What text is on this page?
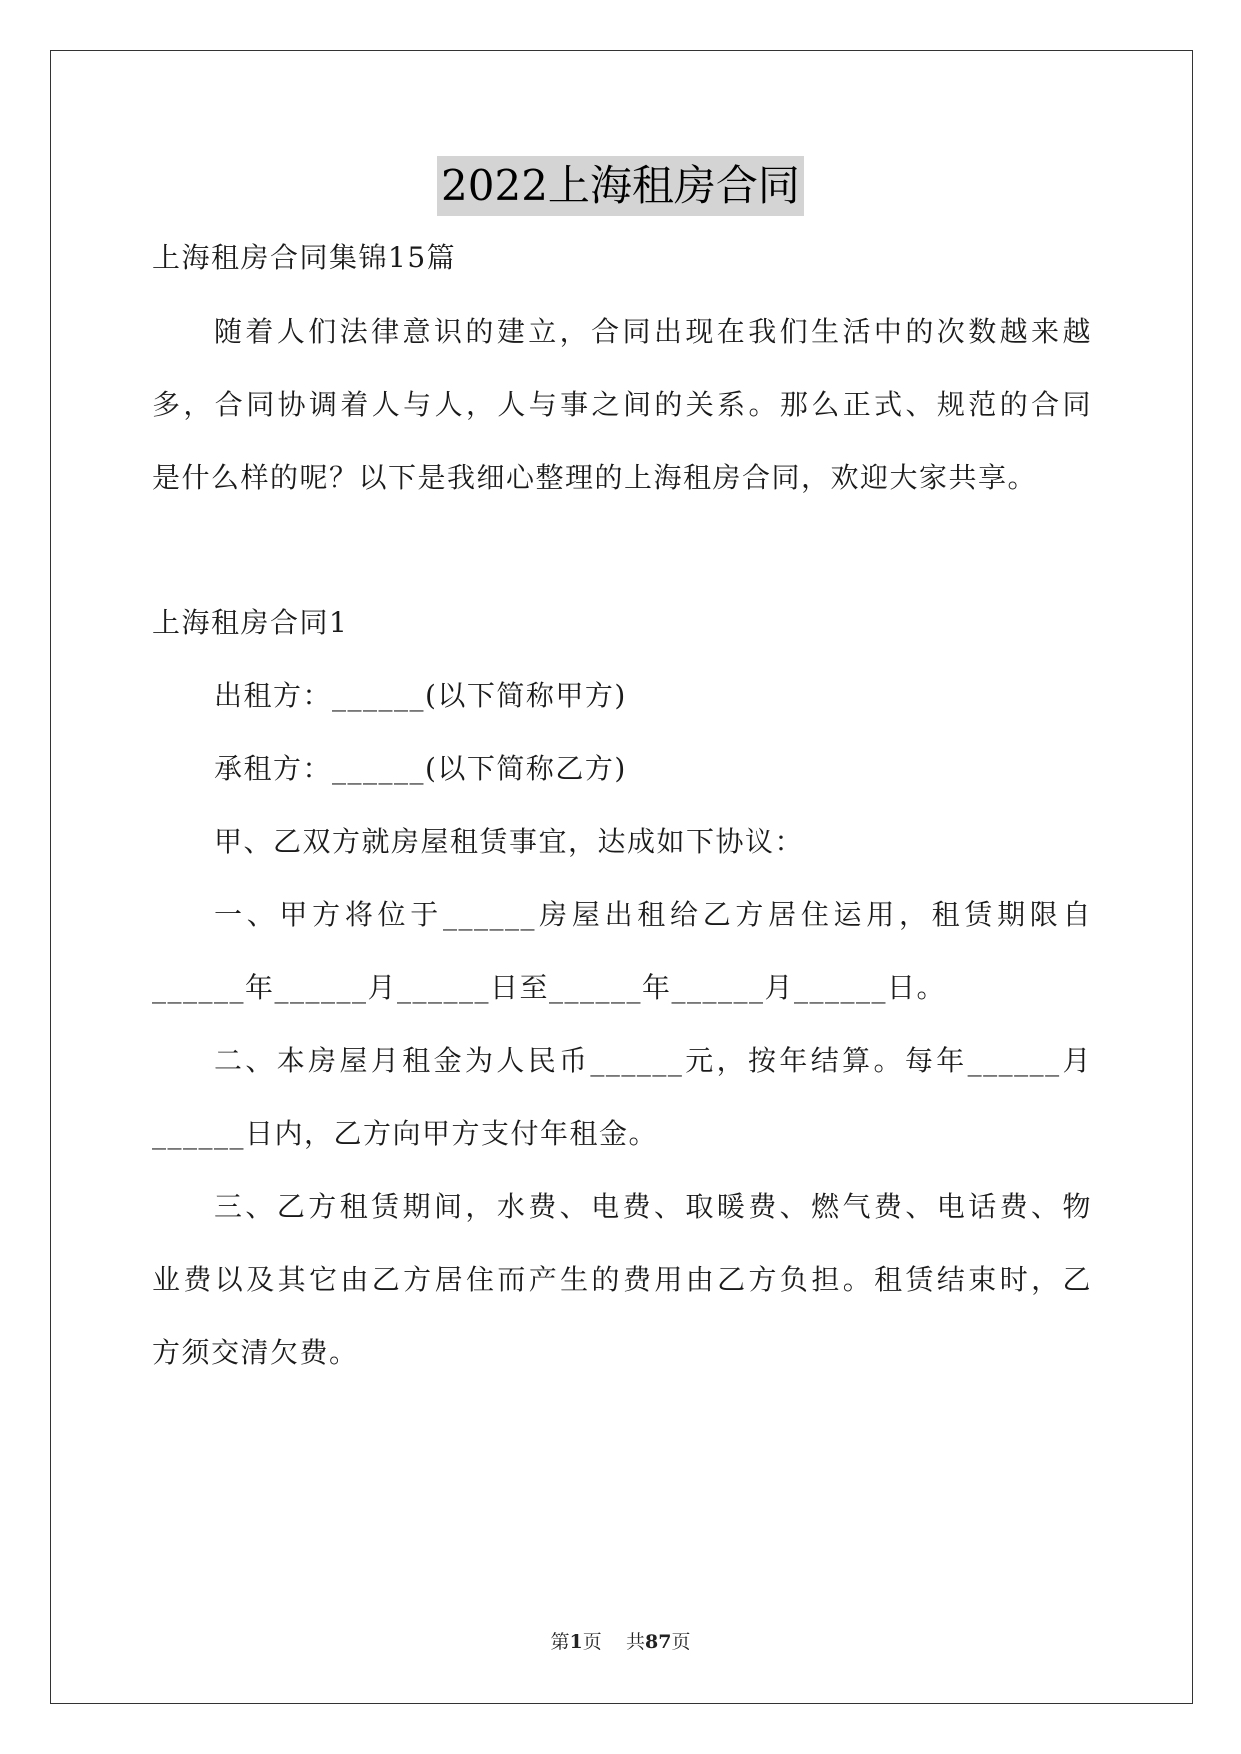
2022上海租房合同
上海租房合同集锦15篇
随着人们法律意识的建立，合同出现在我们生活中的次数越来越
多，合同协调着人与人，人与事之间的关系。那么正式、规范的合同
是什么样的呢？以下是我细心整理的上海租房合同，欢迎大家共享。
上海租房合同1
出租方：______(以下简称甲方)
承租方：______(以下简称乙方)
甲、乙双方就房屋租赁事宜，达成如下协议：
一、甲方将位于______房屋出租给乙方居住运用，租赁期限自
______年______月______日至______年______月______日。
二、本房屋月租金为人民币______元，按年结算。每年______月
______日内，乙方向甲方支付年租金。
三、乙方租赁期间，水费、电费、取暖费、燃气费、电话费、物
业费以及其它由乙方居住而产生的费用由乙方负担。租赁结束时，乙
方须交清欠费。
第1页 共87页
